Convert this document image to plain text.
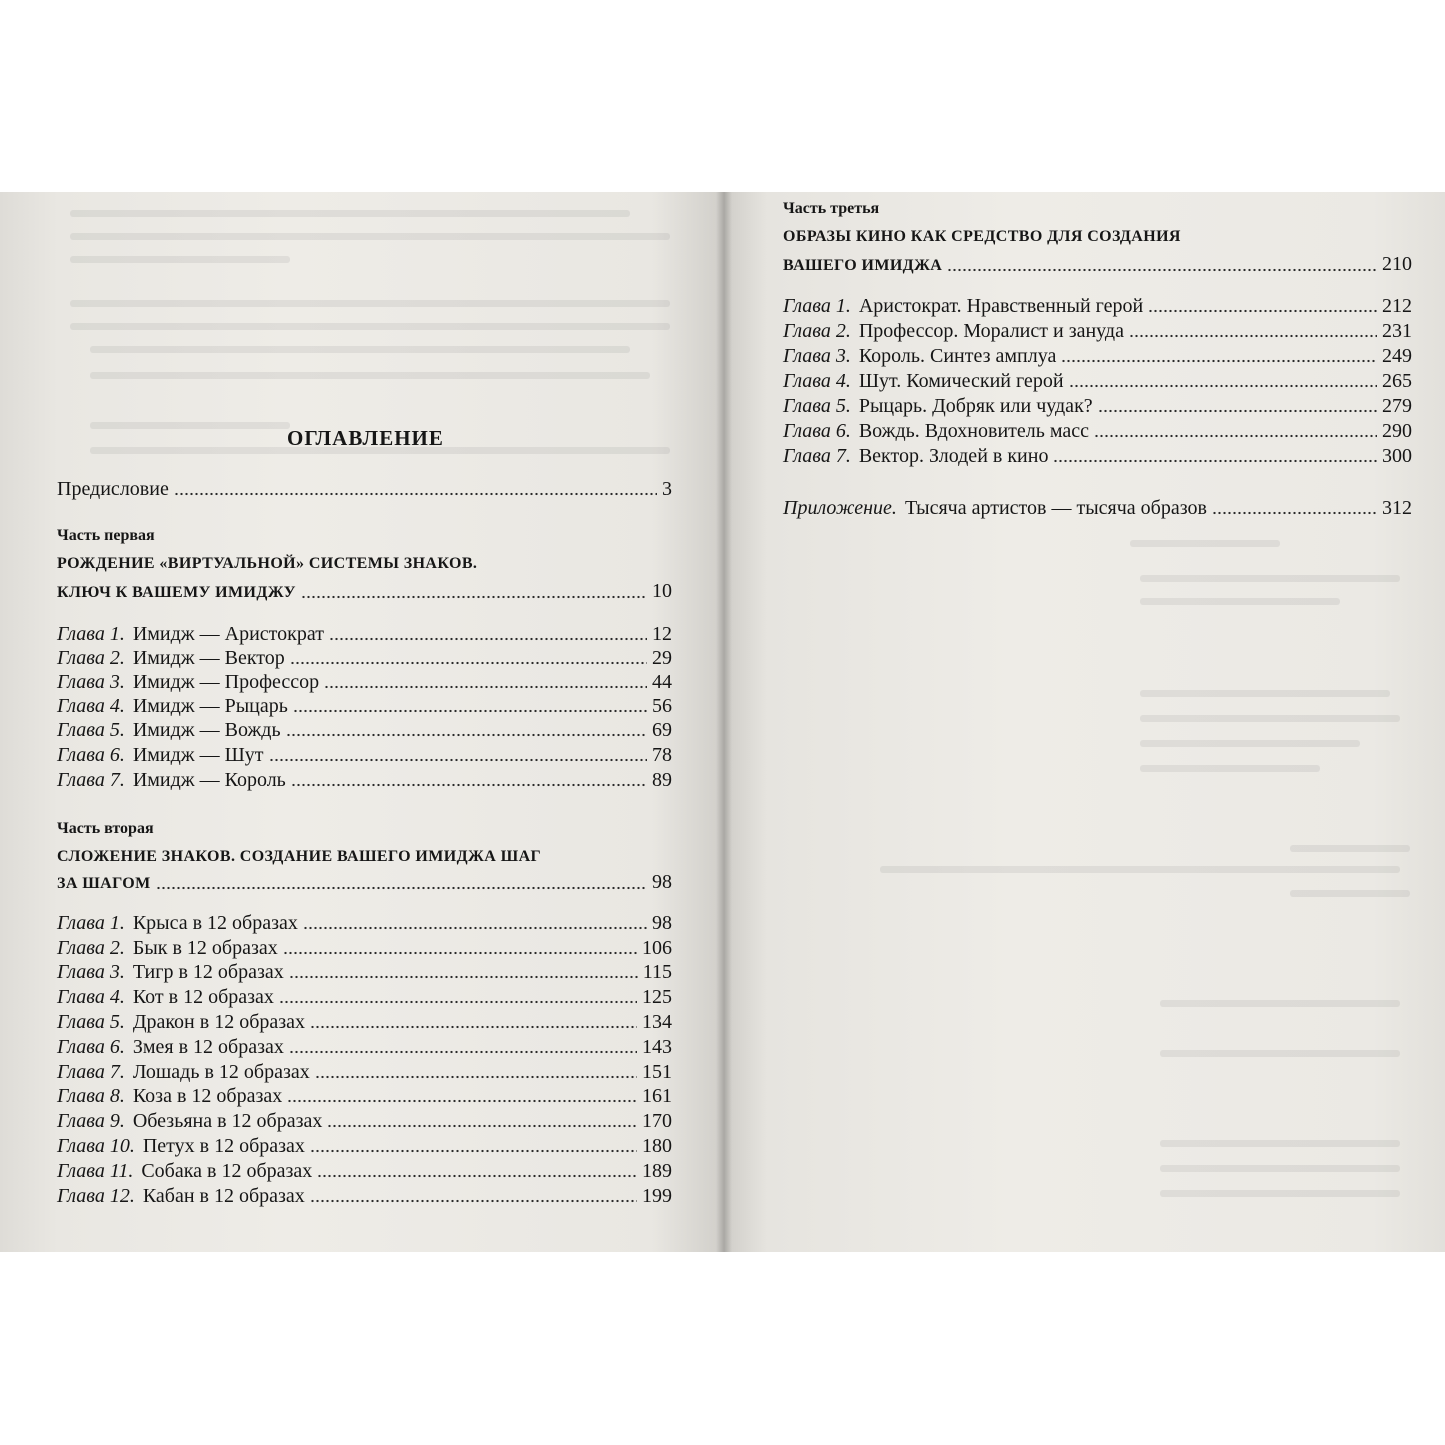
ОГЛАВЛЕНИЕ
Предисловие	3
Часть первая
РОЖДЕНИЕ «ВИРТУАЛЬНОЙ» СИСТЕМЫ ЗНАКОВ.
КЛЮЧ К ВАШЕМУ ИМИДЖУ	10
Глава 1. Имидж — Аристократ	12
Глава 2. Имидж — Вектор	29
Глава 3. Имидж — Профессор	44
Глава 4. Имидж — Рыцарь	56
Глава 5. Имидж — Вождь	69
Глава 6. Имидж — Шут	78
Глава 7. Имидж — Король	89
Часть вторая
СЛОЖЕНИЕ ЗНАКОВ. СОЗДАНИЕ ВАШЕГО ИМИДЖА ШАГ
ЗА ШАГОМ	98
Глава 1. Крыса в 12 образах	98
Глава 2. Бык в 12 образах	106
Глава 3. Тигр в 12 образах	115
Глава 4. Кот в 12 образах	125
Глава 5. Дракон в 12 образах	134
Глава 6. Змея в 12 образах	143
Глава 7. Лошадь в 12 образах	151
Глава 8. Коза в 12 образах	161
Глава 9. Обезьяна в 12 образах	170
Глава 10. Петух в 12 образах	180
Глава 11. Собака в 12 образах	189
Глава 12. Кабан в 12 образах	199
Часть третья
ОБРАЗЫ КИНО КАК СРЕДСТВО ДЛЯ СОЗДАНИЯ
ВАШЕГО ИМИДЖА	210
Глава 1. Аристократ. Нравственный герой	212
Глава 2. Профессор. Моралист и зануда	231
Глава 3. Король. Синтез амплуа	249
Глава 4. Шут. Комический герой	265
Глава 5. Рыцарь. Добряк или чудак?	279
Глава 6. Вождь. Вдохновитель масс	290
Глава 7. Вектор. Злодей в кино	300
Приложение. Тысяча артистов — тысяча образов	312
